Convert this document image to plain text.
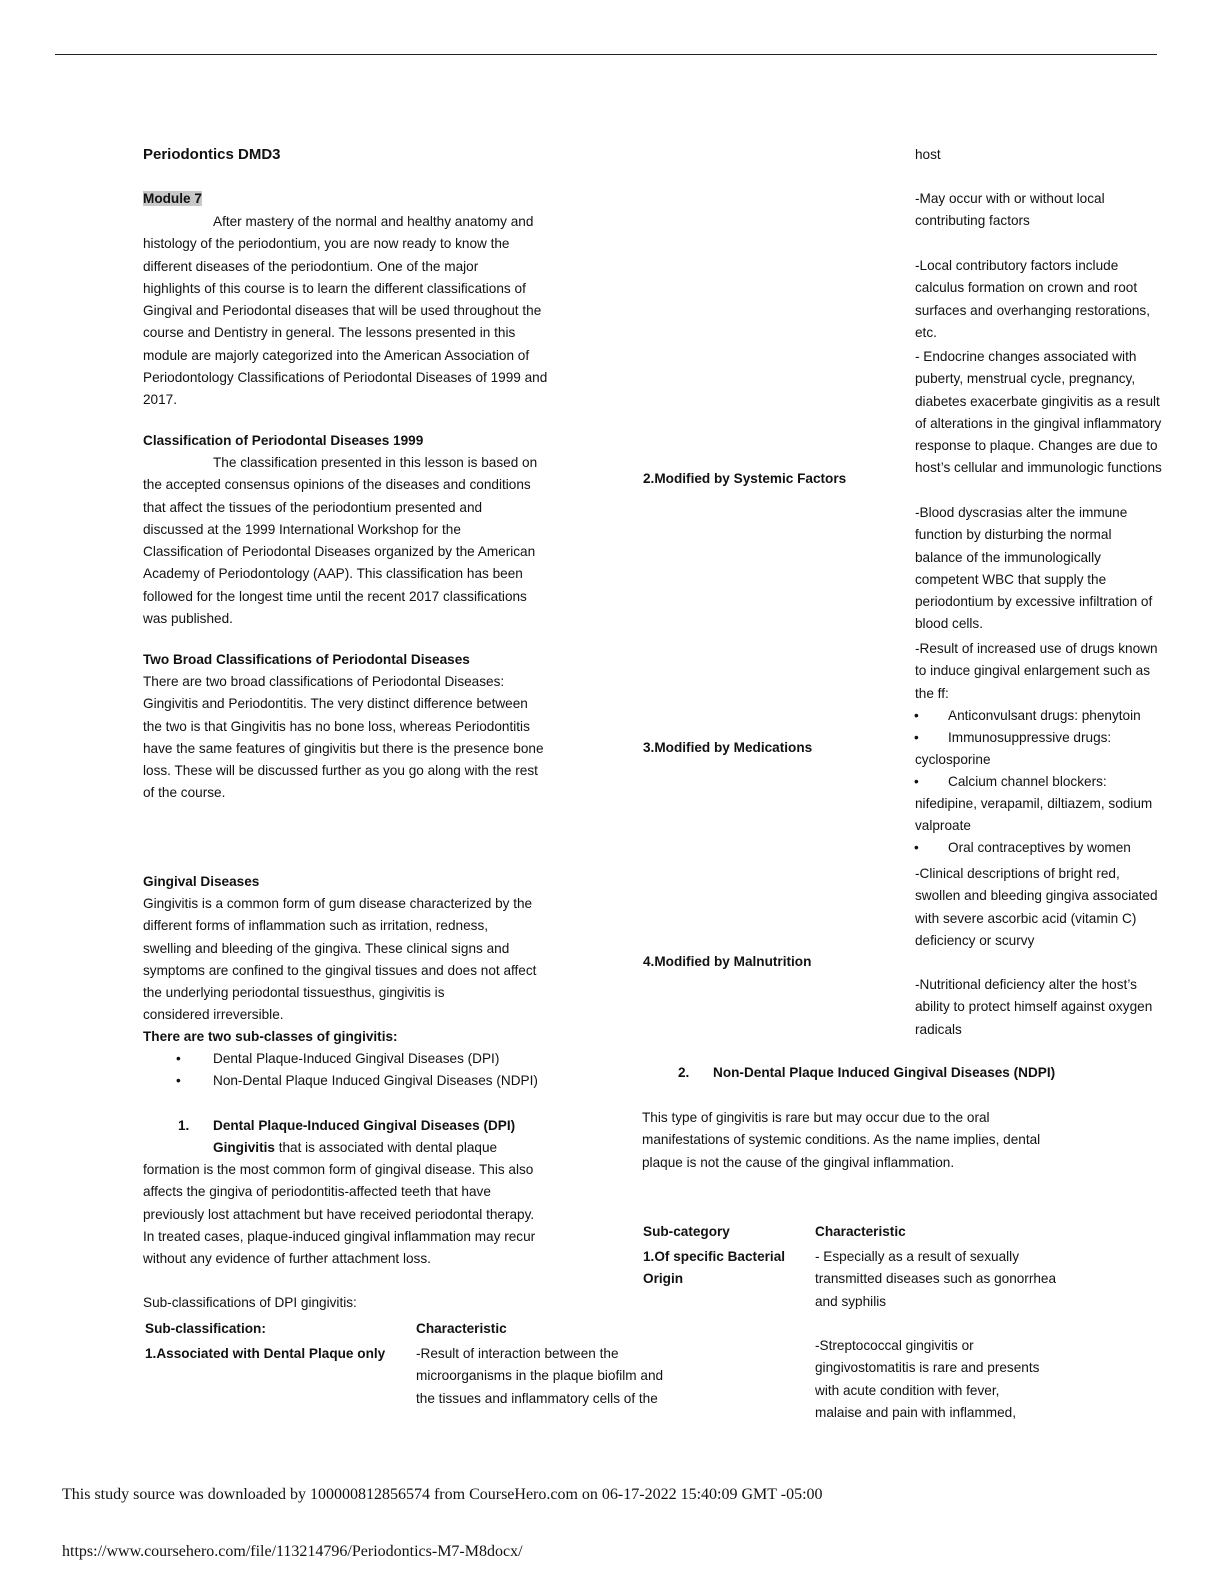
Periodontics DMD3
Module 7
After mastery of the normal and healthy anatomy and
histology of the periodontium, you are now ready to know the
different diseases of the periodontium. One of the major
highlights of this course is to learn the different classifications of
Gingival and Periodontal diseases that will be used throughout the
course and Dentistry in general. The lessons presented in this
module are majorly categorized into the American Association of
Periodontology Classifications of Periodontal Diseases of 1999 and
2017.
Classification of Periodontal Diseases 1999
The classification presented in this lesson is based on
the accepted consensus opinions of the diseases and conditions
that affect the tissues of the periodontium presented and
discussed at the 1999 International Workshop for the
Classification of Periodontal Diseases organized by the American
Academy of Periodontology (AAP). This classification has been
followed for the longest time until the recent 2017 classifications
was published.
Two Broad Classifications of Periodontal Diseases
There are two broad classifications of Periodontal Diseases:
Gingivitis and Periodontitis. The very distinct difference between
the two is that Gingivitis has no bone loss, whereas Periodontitis
have the same features of gingivitis but there is the presence bone
loss. These will be discussed further as you go along with the rest
of the course.
Gingival Diseases
Gingivitis is a common form of gum disease characterized by the
different forms of inflammation such as irritation, redness,
swelling and bleeding of the gingiva. These clinical signs and
symptoms are confined to the gingival tissues and does not affect
the underlying periodontal tissuesthus, gingivitis is
considered irreversible.
There are two sub-classes of gingivitis:
• Dental Plaque-Induced Gingival Diseases (DPI)
• Non-Dental Plaque Induced Gingival Diseases (NDPI)
1. Dental Plaque-Induced Gingival Diseases (DPI)
Gingivitis that is associated with dental plaque
formation is the most common form of gingival disease. This also
affects the gingiva of periodontitis-affected teeth that have
previously lost attachment but have received periodontal therapy.
In treated cases, plaque-induced gingival inflammation may recur
without any evidence of further attachment loss.
Sub-classifications of DPI gingivitis:
Sub-classification:	Characteristic
1.Associated with Dental Plaque only -Result of interaction between the
microorganisms in the plaque biofilm and
the tissues and inflammatory cells of the
host
-May occur with or without local
contributing factors
-Local contributory factors include
calculus formation on crown and root
surfaces and overhanging restorations,
etc.
2.Modified by Systemic Factors
- Endocrine changes associated with
puberty, menstrual cycle, pregnancy,
diabetes exacerbate gingivitis as a result
of alterations in the gingival inflammatory
response to plaque. Changes are due to
host’s cellular and immunologic functions
-Blood dyscrasias alter the immune
function by disturbing the normal
balance of the immunologically
competent WBC that supply the
periodontium by excessive infiltration of
blood cells.
3.Modified by Medications
-Result of increased use of drugs known
to induce gingival enlargement such as
the ff:
• Anticonvulsant drugs: phenytoin
• Immunosuppressive drugs:
cyclosporine
• Calcium channel blockers:
nifedipine, verapamil, diltiazem, sodium
valproate
• Oral contraceptives by women
4.Modified by Malnutrition
-Clinical descriptions of bright red,
swollen and bleeding gingiva associated
with severe ascorbic acid (vitamin C)
deficiency or scurvy
-Nutritional deficiency alter the host’s
ability to protect himself against oxygen
radicals
2. Non-Dental Plaque Induced Gingival Diseases (NDPI)
This type of gingivitis is rare but may occur due to the oral
manifestations of systemic conditions. As the name implies, dental
plaque is not the cause of the gingival inflammation.
Sub-category	Characteristic
1.Of specific Bacterial
Origin
- Especially as a result of sexually
transmitted diseases such as gonorrhea
and syphilis
-Streptococcal gingivitis or
gingivostomatitis is rare and presents
with acute condition with fever,
malaise and pain with inflammed,
This study source was downloaded by 100000812856574 from CourseHero.com on 06-17-2022 15:40:09 GMT -05:00
https://www.coursehero.com/file/113214796/Periodontics-M7-M8docx/
